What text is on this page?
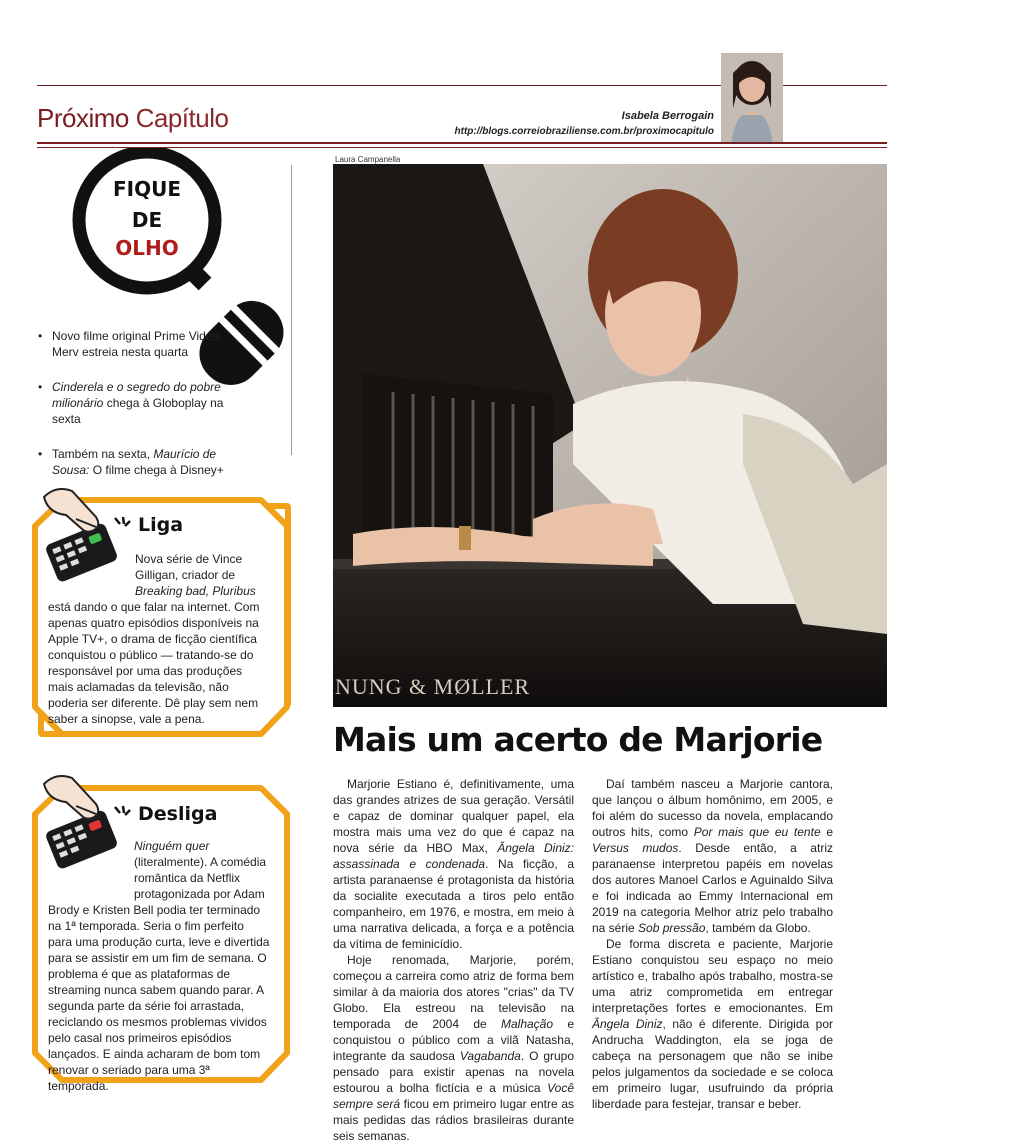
Próximo Capítulo	Isabela Berrogain
http://blogs.correiobraziliense.com.br/proximocapitulo
FIQUE
DE
OLHO
• Novo filme original Prime Video, Merv estreia nesta quarta
• Cinderela e o segredo do pobre milionário chega à Globoplay na sexta
• Também na sexta, Maurício de Sousa: O filme chega à Disney+
Liga
Nova série de Vince Gilligan, criador de Breaking bad, Pluribus
está dando o que falar na internet. Com apenas quatro episódios disponíveis na Apple TV+, o drama de ficção científica conquistou o público — tratando-se do responsável por uma das produções mais aclamadas da televisão, não poderia ser diferente. Dê play sem nem saber a sinopse, vale a pena.
Desliga
Ninguém quer (literalmente). A comédia romântica da Netflix protagonizada por Adam Brody e Kristen Bell podia ter terminado na 1ª temporada. Seria o fim perfeito para uma produção curta, leve e divertida para se assistir em um fim de semana. O problema é que as plataformas de streaming nunca sabem quando parar. A segunda parte da série foi arrastada, reciclando os mesmos problemas vividos pelo casal nos primeiros episódios lançados. E ainda acharam de bom tom renovar o seriado para uma 3ª temporada.
Laura Campanella
NUNG & MØLLER
Mais um acerto de Marjorie

Marjorie Estiano é, definitivamente, uma das grandes atrizes de sua geração. Versátil e capaz de dominar qualquer papel, ela mostra mais uma vez do que é capaz na nova série da HBO Max, Ângela Diniz: assassinada e condenada. Na ficção, a artista paranaense é protagonista da história da socialite executada a tiros pelo então companheiro, em 1976, e mostra, em meio à uma narrativa delicada, a força e a potência da vítima de feminicídio.

Hoje renomada, Marjorie, porém, começou a carreira como atriz de forma bem similar à da maioria dos atores "crias" da TV Globo. Ela estreou na televisão na temporada de 2004 de Malhação e conquistou o público com a vilã Natasha, integrante da saudosa Vagabanda. O grupo pensado para existir apenas na novela estourou a bolha fictícia e a música Você sempre será ficou em primeiro lugar entre as mais pedidas das rádios brasileiras durante seis semanas.

Daí também nasceu a Marjorie cantora, que lançou o álbum homônimo, em 2005, e foi além do sucesso da novela, emplacando outros hits, como Por mais que eu tente e Versus mudos. Desde então, a atriz paranaense interpretou papéis em novelas dos autores Manoel Carlos e Aguinaldo Silva e foi indicada ao Emmy Internacional em 2019 na categoria Melhor atriz pelo trabalho na série Sob pressão, também da Globo.

De forma discreta e paciente, Marjorie Estiano conquistou seu espaço no meio artístico e, trabalho após trabalho, mostra-se uma atriz comprometida em entregar interpretações fortes e emocionantes. Em Ângela Diniz, não é diferente. Dirigida por Andrucha Waddington, ela se joga de cabeça na personagem que não se inibe pelos julgamentos da sociedade e se coloca em primeiro lugar, usufruindo da própria liberdade para festejar, transar e beber.
